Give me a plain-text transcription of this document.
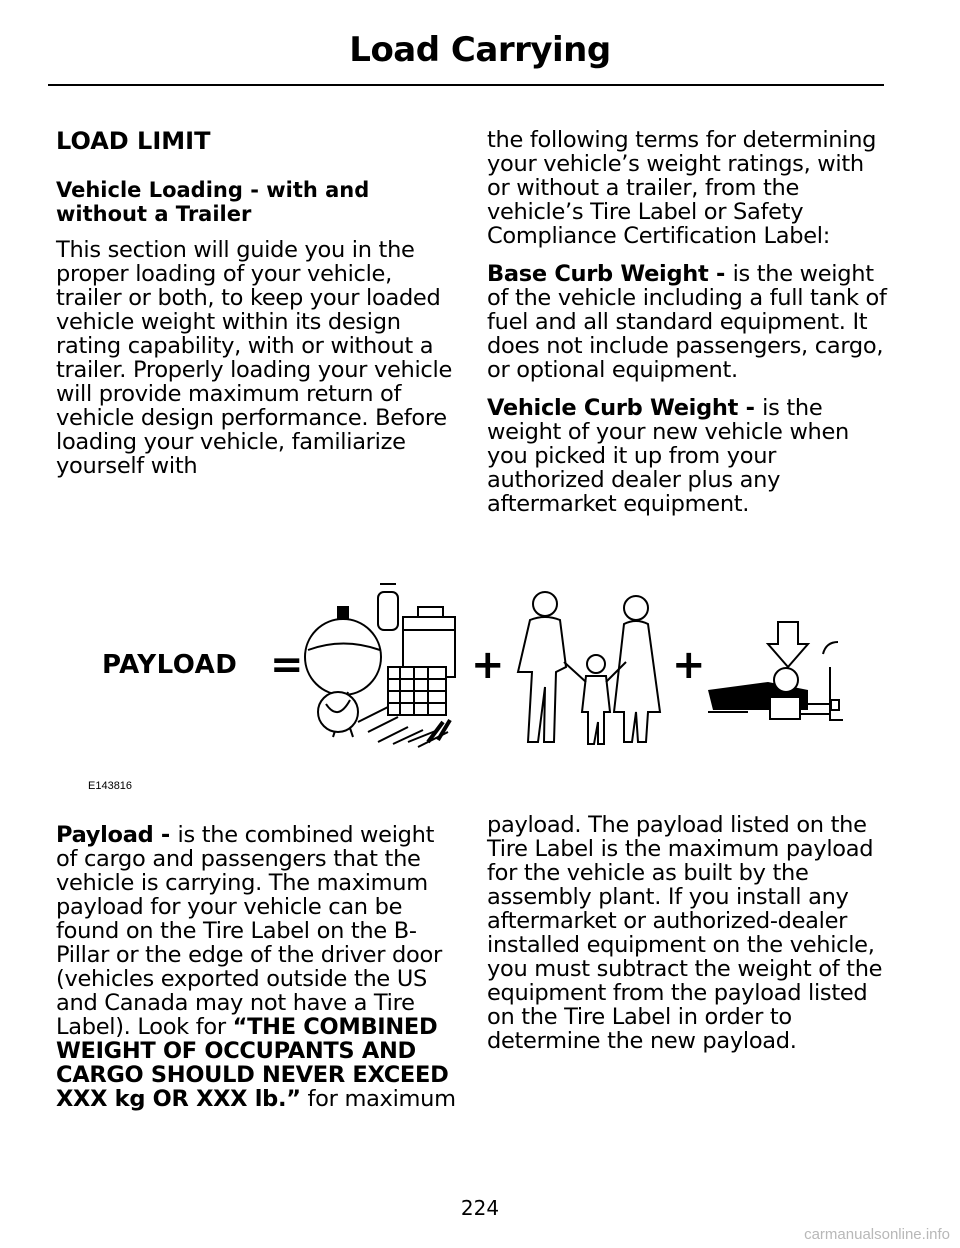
Load Carrying
LOAD LIMIT
Vehicle Loading - with and without a Trailer

This section will guide you in the proper loading of your vehicle, trailer or both, to keep your loaded vehicle weight within its design rating capability, with or without a trailer. Properly loading your vehicle will provide maximum return of vehicle design performance. Before loading your vehicle, familiarize yourself with

the following terms for determining your vehicle’s weight ratings, with or without a trailer, from the vehicle’s Tire Label or Safety Compliance Certification Label:

Base Curb Weight - is the weight of the vehicle including a full tank of fuel and all standard equipment. It does not include passengers, cargo, or optional equipment.

Vehicle Curb Weight - is the weight of your new vehicle when you picked it up from your authorized dealer plus any aftermarket equipment.

PAYLOAD =	+	+
E143816

Payload - is the combined weight of cargo and passengers that the vehicle is carrying. The maximum payload for your vehicle can be found on the Tire Label on the B-Pillar or the edge of the driver door (vehicles exported outside the US and Canada may not have a Tire Label). Look for “THE COMBINED WEIGHT OF OCCUPANTS AND CARGO SHOULD NEVER EXCEED XXX kg OR XXX lb.” for maximum

payload. The payload listed on the Tire Label is the maximum payload for the vehicle as built by the assembly plant. If you install any aftermarket or authorized-dealer installed equipment on the vehicle, you must subtract the weight of the equipment from the payload listed on the Tire Label in order to determine the new payload.

224
carmanualsonline.info
